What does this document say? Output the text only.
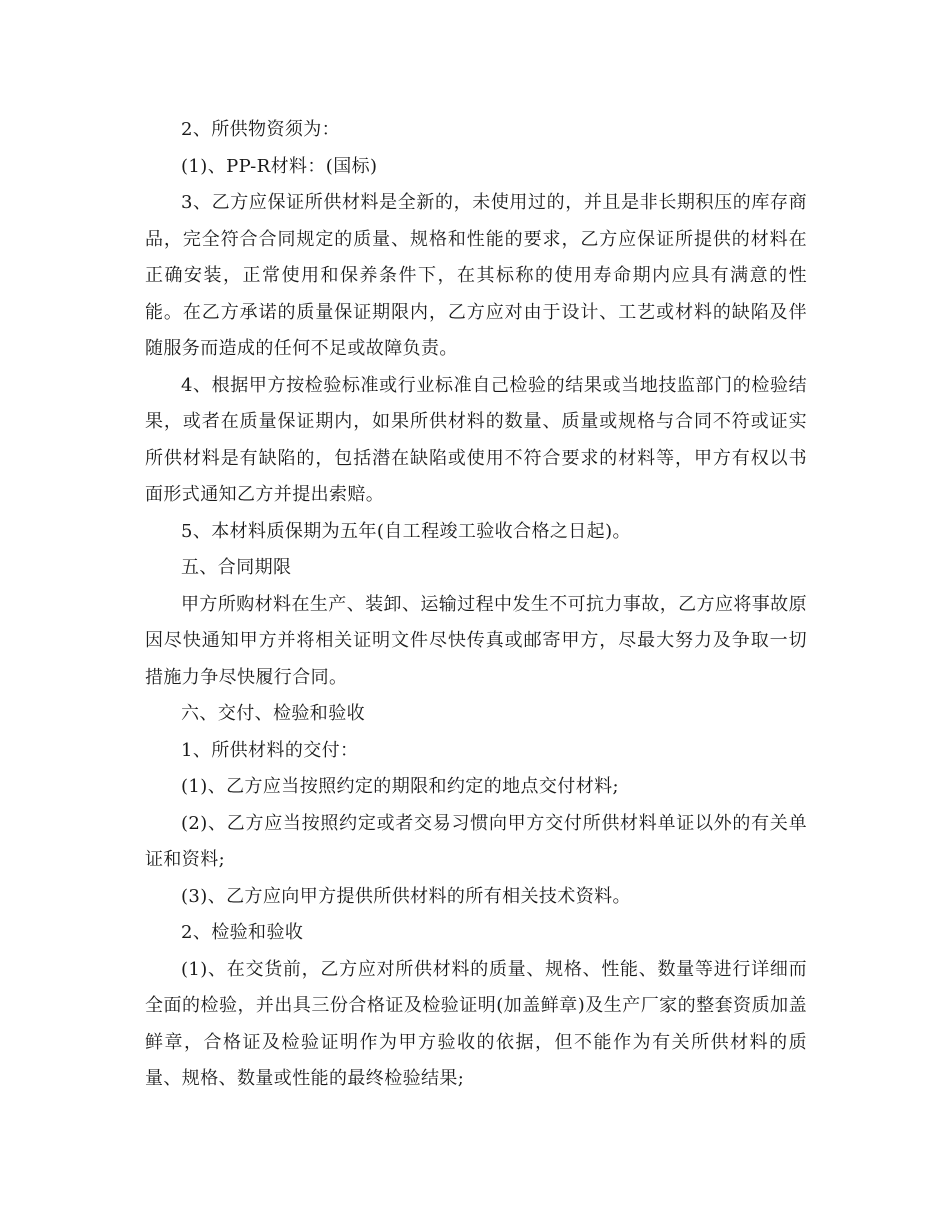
2、所供物资须为：

(1)、PP-R材料：(国标)

3、乙方应保证所供材料是全新的，未使用过的，并且是非长期积压的库存商品，完全符合合同规定的质量、规格和性能的要求，乙方应保证所提供的材料在正确安装，正常使用和保养条件下，在其标称的使用寿命期内应具有满意的性能。在乙方承诺的质量保证期限内，乙方应对由于设计、工艺或材料的缺陷及伴随服务而造成的任何不足或故障负责。

4、根据甲方按检验标准或行业标准自己检验的结果或当地技监部门的检验结果，或者在质量保证期内，如果所供材料的数量、质量或规格与合同不符或证实所供材料是有缺陷的，包括潜在缺陷或使用不符合要求的材料等，甲方有权以书面形式通知乙方并提出索赔。

5、本材料质保期为五年(自工程竣工验收合格之日起)。

五、合同期限

甲方所购材料在生产、装卸、运输过程中发生不可抗力事故，乙方应将事故原因尽快通知甲方并将相关证明文件尽快传真或邮寄甲方，尽最大努力及争取一切措施力争尽快履行合同。

六、交付、检验和验收

1、所供材料的交付：

(1)、乙方应当按照约定的期限和约定的地点交付材料;

(2)、乙方应当按照约定或者交易习惯向甲方交付所供材料单证以外的有关单证和资料;

(3)、乙方应向甲方提供所供材料的所有相关技术资料。

2、检验和验收

(1)、在交货前，乙方应对所供材料的质量、规格、性能、数量等进行详细而全面的检验，并出具三份合格证及检验证明(加盖鲜章)及生产厂家的整套资质加盖鲜章，合格证及检验证明作为甲方验收的依据，但不能作为有关所供材料的质量、规格、数量或性能的最终检验结果;
